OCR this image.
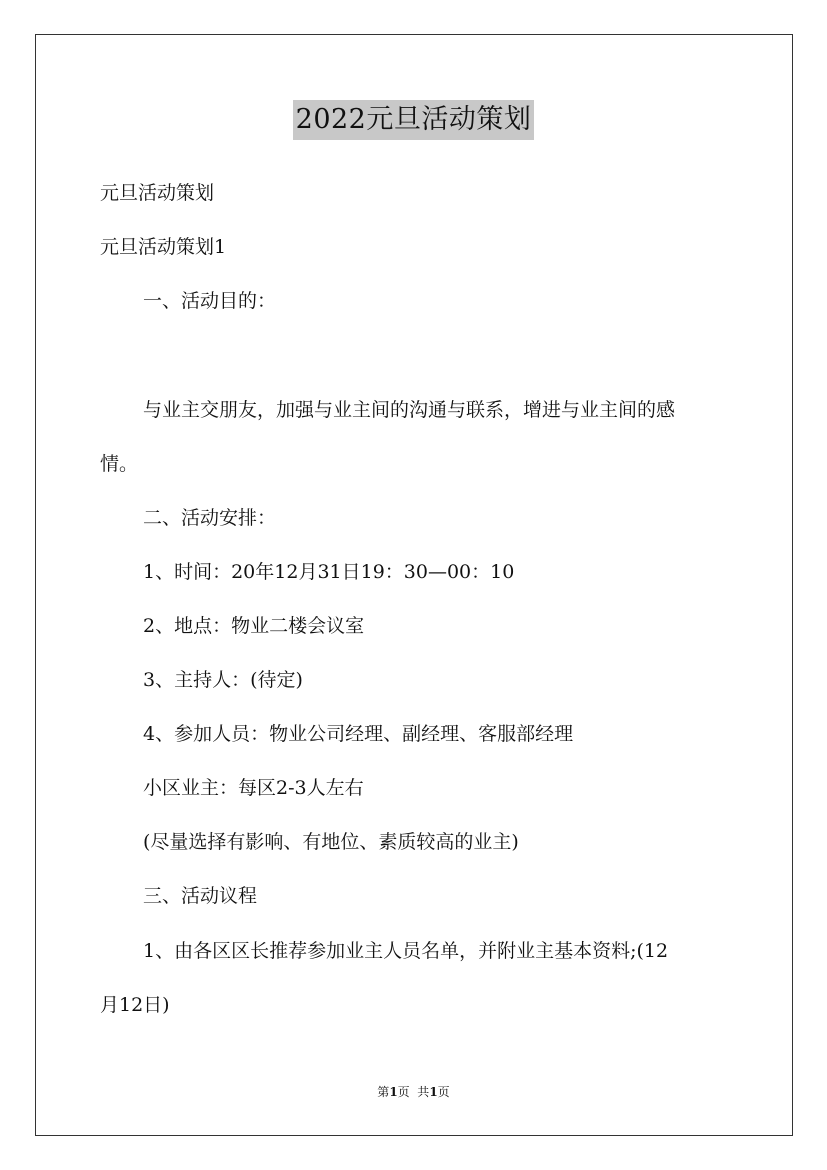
2022元旦活动策划
元旦活动策划
元旦活动策划1
一、活动目的：
与业主交朋友，加强与业主间的沟通与联系，增进与业主间的感
情。
二、活动安排：
1、时间：20年12月31日19：30—00：10
2、地点：物业二楼会议室
3、主持人：(待定)
4、参加人员：物业公司经理、副经理、客服部经理
小区业主：每区2-3人左右
(尽量选择有影响、有地位、素质较高的业主)
三、活动议程
1、由各区区长推荐参加业主人员名单，并附业主基本资料;(12
月12日)
第1页  共1页
